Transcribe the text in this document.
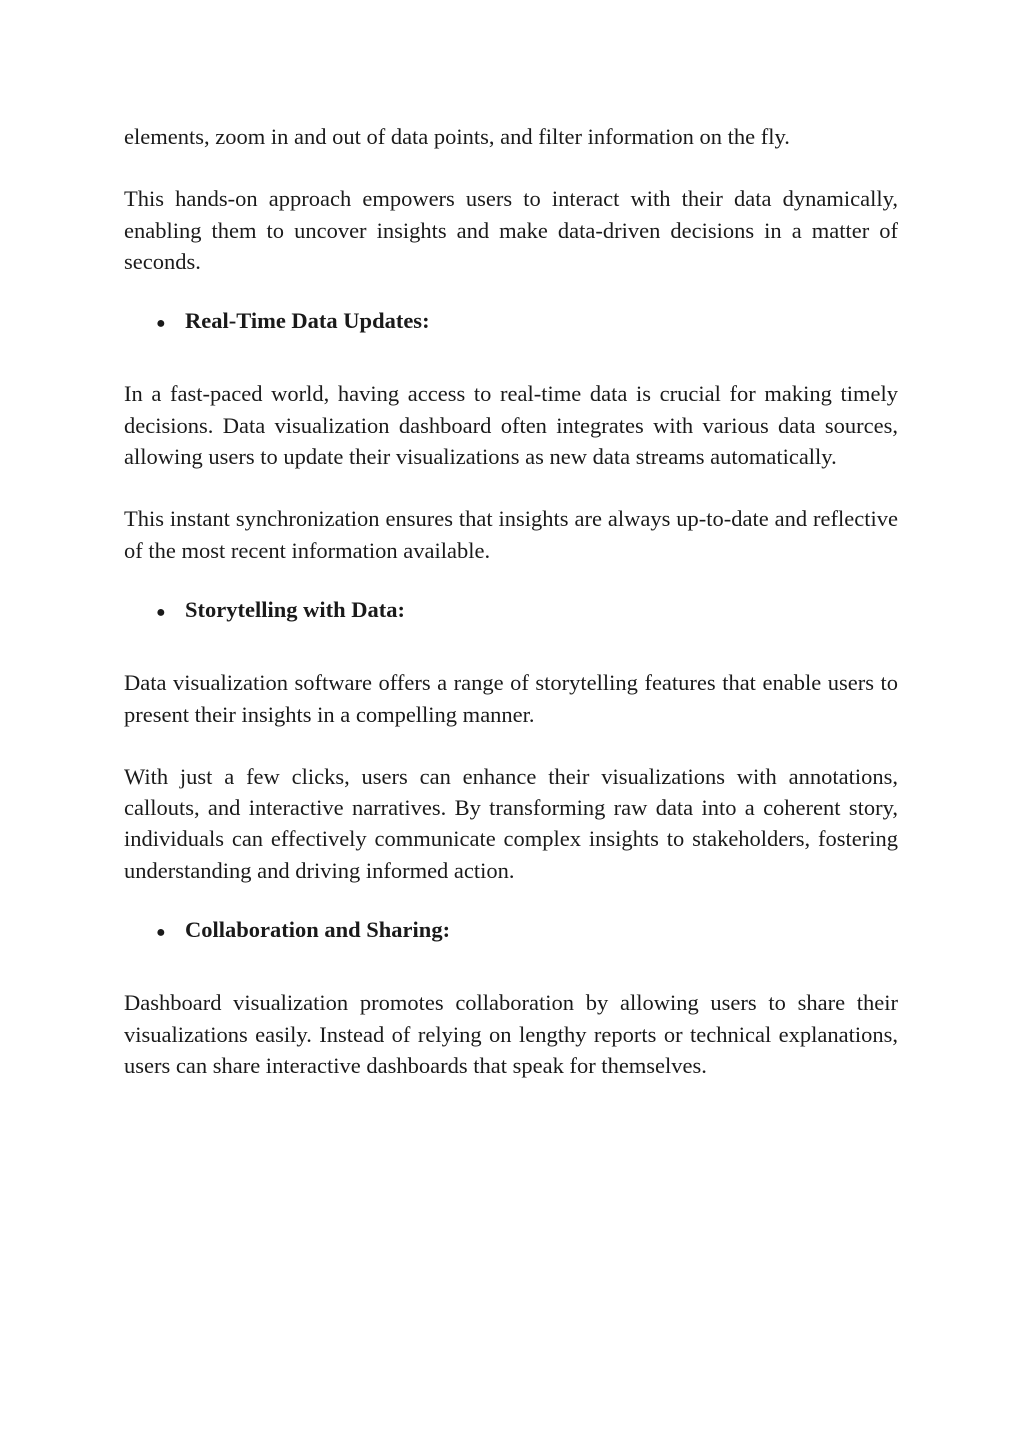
elements, zoom in and out of data points, and filter information on the fly.

This hands-on approach empowers users to interact with their data dynamically, enabling them to uncover insights and make data-driven decisions in a matter of seconds.

● Real-Time Data Updates:

In a fast-paced world, having access to real-time data is crucial for making timely decisions. Data visualization dashboard often integrates with various data sources, allowing users to update their visualizations as new data streams automatically.

This instant synchronization ensures that insights are always up-to-date and reflective of the most recent information available.

● Storytelling with Data:

Data visualization software offers a range of storytelling features that enable users to present their insights in a compelling manner.

With just a few clicks, users can enhance their visualizations with annotations, callouts, and interactive narratives. By transforming raw data into a coherent story, individuals can effectively communicate complex insights to stakeholders, fostering understanding and driving informed action.

● Collaboration and Sharing:

Dashboard visualization promotes collaboration by allowing users to share their visualizations easily. Instead of relying on lengthy reports or technical explanations, users can share interactive dashboards that speak for themselves.
